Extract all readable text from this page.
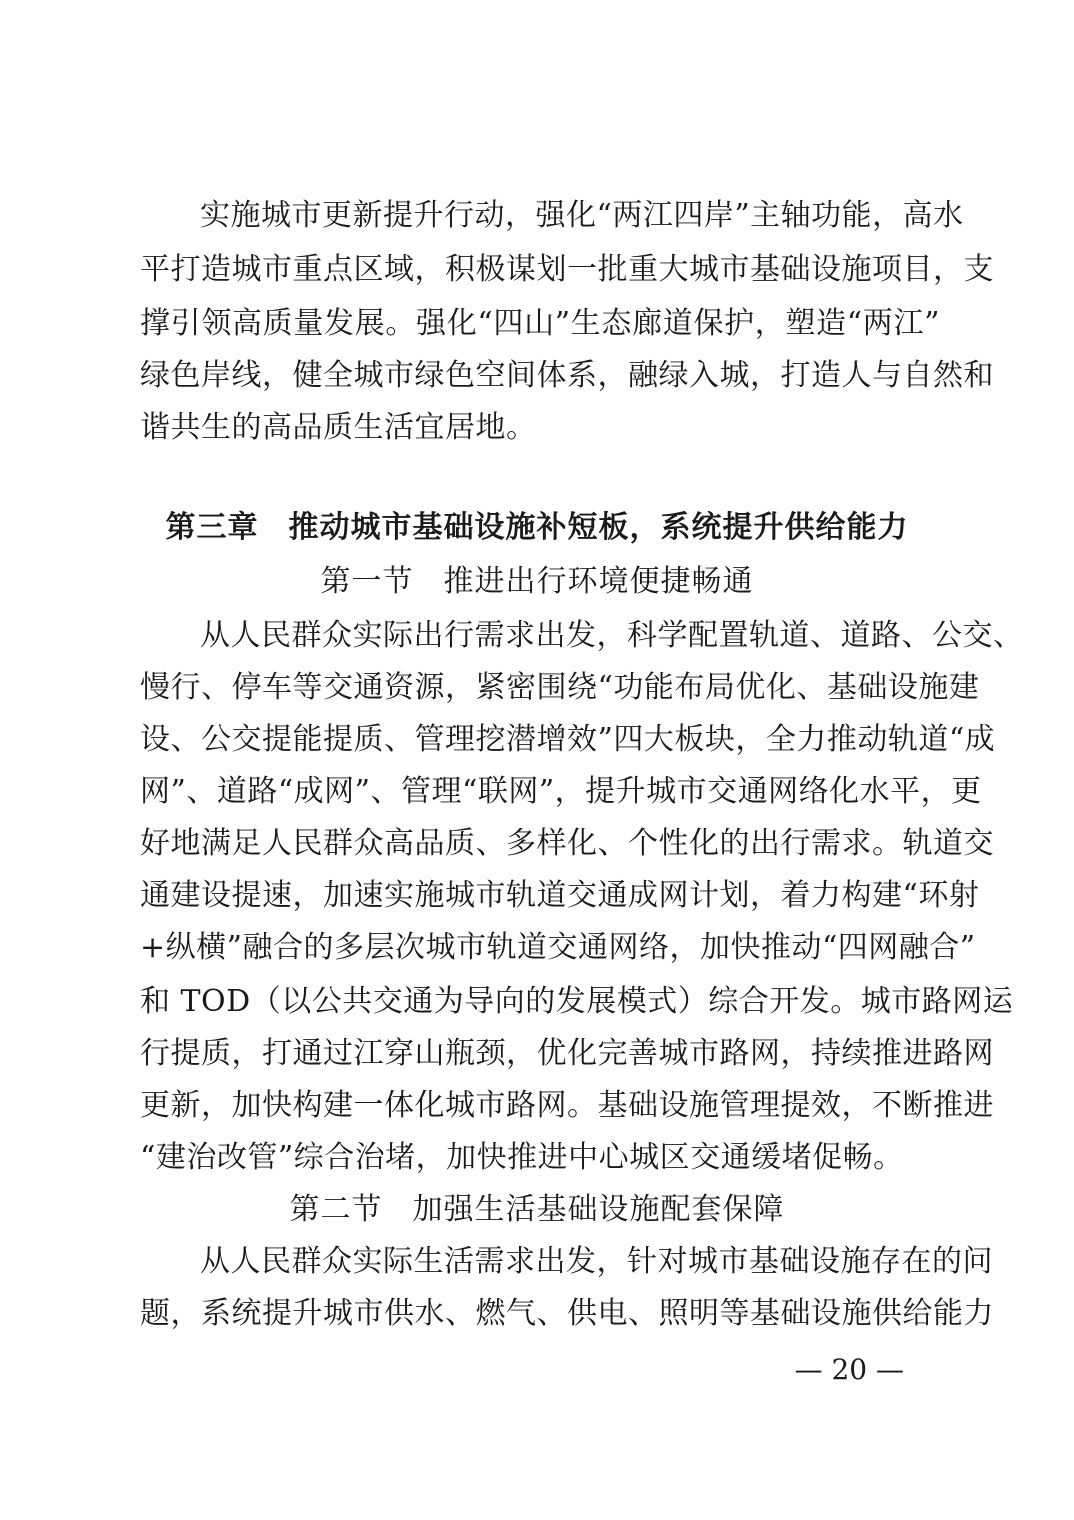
实施城市更新提升行动，强化“两江四岸”主轴功能，高水
平打造城市重点区域，积极谋划一批重大城市基础设施项目，支
撑引领高质量发展。强化“四山”生态廊道保护，塑造“两江”
绿色岸线，健全城市绿色空间体系，融绿入城，打造人与自然和
谐共生的高品质生活宜居地。
第三章 推动城市基础设施补短板，系统提升供给能力
第一节 推进出行环境便捷畅通
从人民群众实际出行需求出发，科学配置轨道、道路、公交、
慢行、停车等交通资源，紧密围绕“功能布局优化、基础设施建
设、公交提能提质、管理挖潜增效”四大板块，全力推动轨道“成
网”、道路“成网”、管理“联网”，提升城市交通网络化水平，更
好地满足人民群众高品质、多样化、个性化的出行需求。轨道交
通建设提速，加速实施城市轨道交通成网计划，着力构建“环射
+纵横”融合的多层次城市轨道交通网络，加快推动“四网融合”
和 TOD（以公共交通为导向的发展模式）综合开发。城市路网运
行提质，打通过江穿山瓶颈，优化完善城市路网，持续推进路网
更新，加快构建一体化城市路网。基础设施管理提效，不断推进
“建治改管”综合治堵，加快推进中心城区交通缓堵促畅。
第二节 加强生活基础设施配套保障
从人民群众实际生活需求出发，针对城市基础设施存在的问
题，系统提升城市供水、燃气、供电、照明等基础设施供给能力
— 20 —
